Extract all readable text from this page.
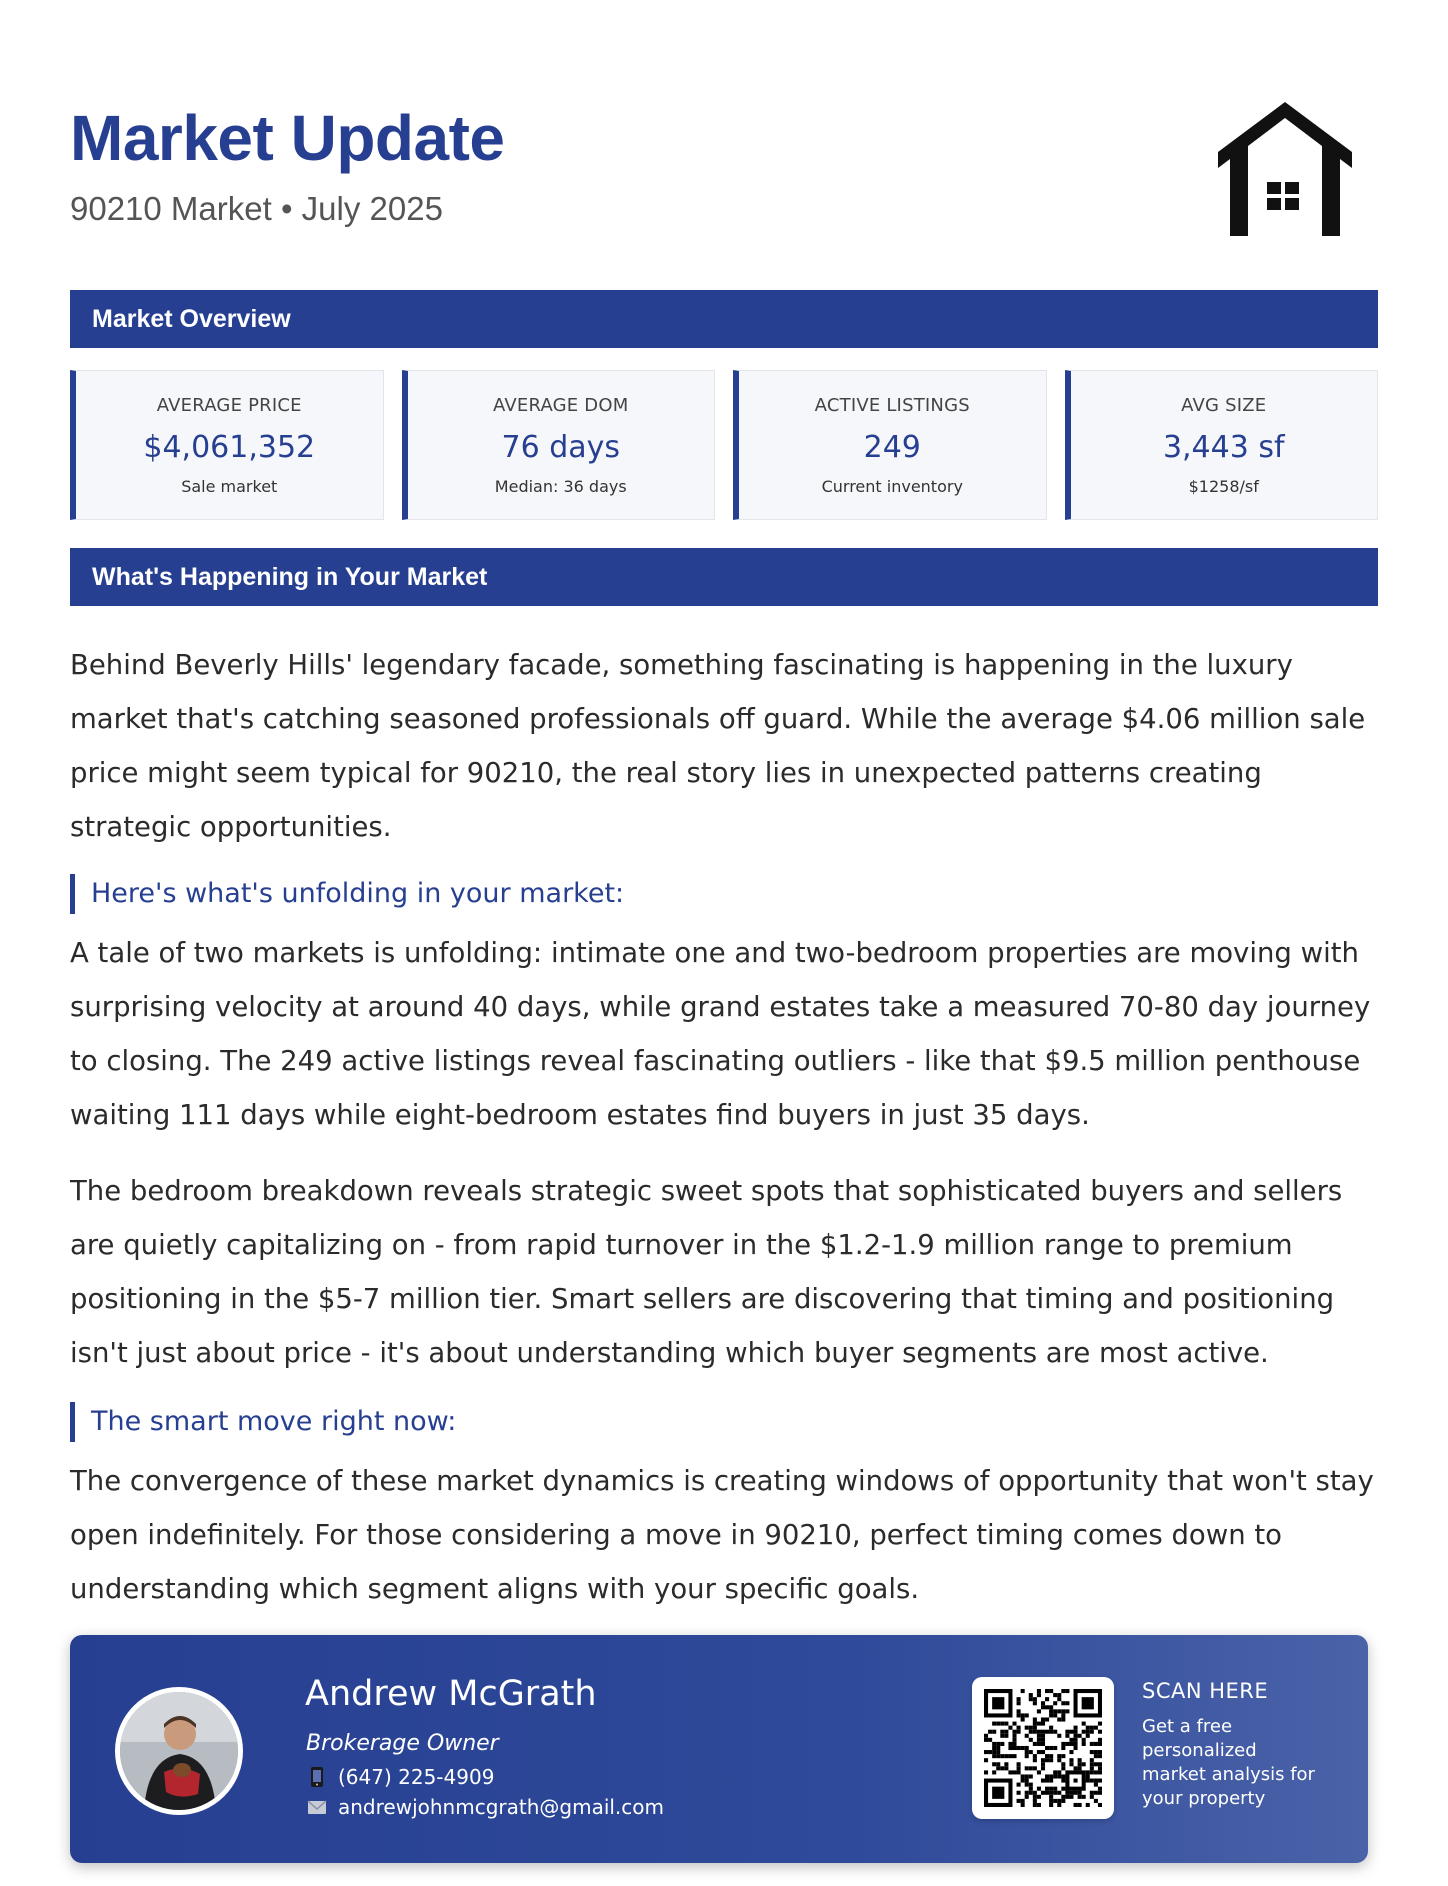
Market Update
90210 Market • July 2025
Market Overview
AVERAGE PRICE
$4,061,352
Sale market
AVERAGE DOM
76 days
Median: 36 days
ACTIVE LISTINGS
249
Current inventory
AVG SIZE
3,443 sf
$1258/sf
What's Happening in Your Market

Behind Beverly Hills' legendary facade, something fascinating is happening in the luxury market that's catching seasoned professionals off guard. While the average $4.06 million sale price might seem typical for 90210, the real story lies in unexpected patterns creating strategic opportunities.

Here's what's unfolding in your market:

A tale of two markets is unfolding: intimate one and two-bedroom properties are moving with surprising velocity at around 40 days, while grand estates take a measured 70-80 day journey to closing. The 249 active listings reveal fascinating outliers - like that $9.5 million penthouse waiting 111 days while eight-bedroom estates find buyers in just 35 days.

The bedroom breakdown reveals strategic sweet spots that sophisticated buyers and sellers are quietly capitalizing on - from rapid turnover in the $1.2-1.9 million range to premium positioning in the $5-7 million tier. Smart sellers are discovering that timing and positioning isn't just about price - it's about understanding which buyer segments are most active.

The smart move right now:

The convergence of these market dynamics is creating windows of opportunity that won't stay open indefinitely. For those considering a move in 90210, perfect timing comes down to understanding which segment aligns with your specific goals.

Andrew McGrath
Brokerage Owner
(647) 225-4909
andrewjohnmcgrath@gmail.com
SCAN HERE
Get a free personalized market analysis for your property
